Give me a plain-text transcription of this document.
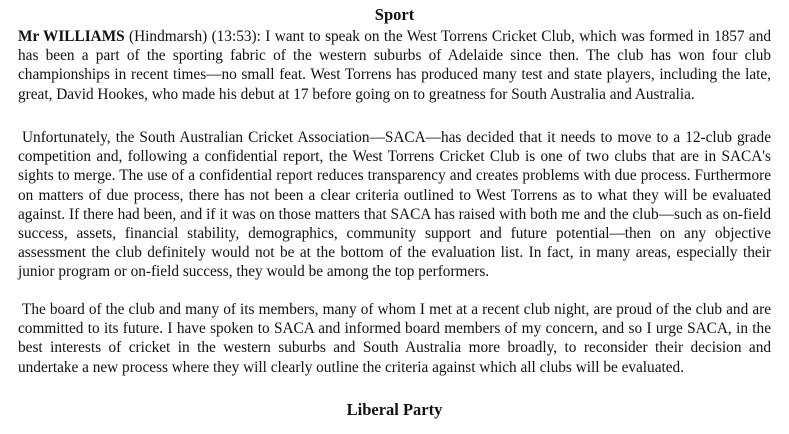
Sport

Mr WILLIAMS (Hindmarsh) (13:53): I want to speak on the West Torrens Cricket Club, which was formed in 1857 and has been a part of the sporting fabric of the western suburbs of Adelaide since then. The club has won four club championships in recent times—no small feat. West Torrens has produced many test and state players, including the late, great, David Hookes, who made his debut at 17 before going on to greatness for South Australia and Australia.

Unfortunately, the South Australian Cricket Association—SACA—has decided that it needs to move to a 12-club grade competition and, following a confidential report, the West Torrens Cricket Club is one of two clubs that are in SACA's sights to merge. The use of a confidential report reduces transparency and creates problems with due process. Furthermore on matters of due process, there has not been a clear criteria outlined to West Torrens as to what they will be evaluated against. If there had been, and if it was on those matters that SACA has raised with both me and the club—such as on-field success, assets, financial stability, demographics, community support and future potential—then on any objective assessment the club definitely would not be at the bottom of the evaluation list. In fact, in many areas, especially their junior program or on-field success, they would be among the top performers.

The board of the club and many of its members, many of whom I met at a recent club night, are proud of the club and are committed to its future. I have spoken to SACA and informed board members of my concern, and so I urge SACA, in the best interests of cricket in the western suburbs and South Australia more broadly, to reconsider their decision and undertake a new process where they will clearly outline the criteria against which all clubs will be evaluated.

Liberal Party
